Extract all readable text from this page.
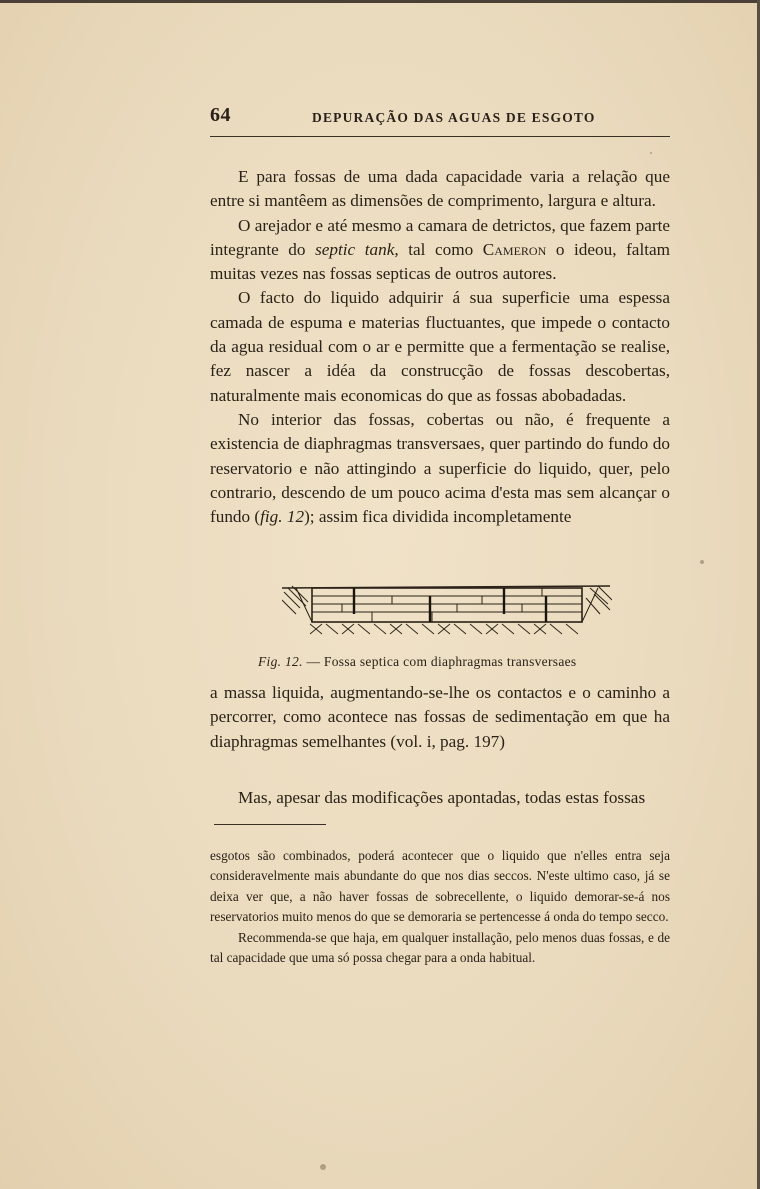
64	DEPURAÇÃO DAS AGUAS DE ESGOTO

E para fossas de uma dada capacidade varia a relação que entre si mantêem as dimensões de comprimento, largura e altura.

O arejador e até mesmo a camara de detrictos, que fazem parte integrante do septic tank, tal como Cameron o ideou, faltam muitas vezes nas fossas septicas de outros autores.

O facto do liquido adquirir á sua superficie uma espessa camada de espuma e materias fluctuantes, que impede o contacto da agua residual com o ar e permitte que a fermentação se realise, fez nascer a idéa da construcção de fossas descobertas, naturalmente mais economicas do que as fossas abobadadas.

No interior das fossas, cobertas ou não, é frequente a existencia de diaphragmas transversaes, quer partindo do fundo do reservatorio e não attingindo a superficie do liquido, quer, pelo contrario, descendo de um pouco acima d'esta mas sem alcançar o fundo (fig. 12); assim fica dividida incompletamente

Fig. 12. — Fossa septica com diaphragmas transversaes

a massa liquida, augmentando-se-lhe os contactos e o caminho a percorrer, como acontece nas fossas de sedimentação em que ha diaphragmas semelhantes (vol. i, pag. 197)

Mas, apesar das modificações apontadas, todas estas fossas

esgotos são combinados, poderá acontecer que o liquido que n'elles entra seja consideravelmente mais abundante do que nos dias seccos. N'este ultimo caso, já se deixa ver que, a não haver fossas de sobrecellente, o liquido demorar-se-á nos reservatorios muito menos do que se demoraria se pertencesse á onda do tempo secco.

Recommenda-se que haja, em qualquer installação, pelo menos duas fossas, e de tal capacidade que uma só possa chegar para a onda habitual.
